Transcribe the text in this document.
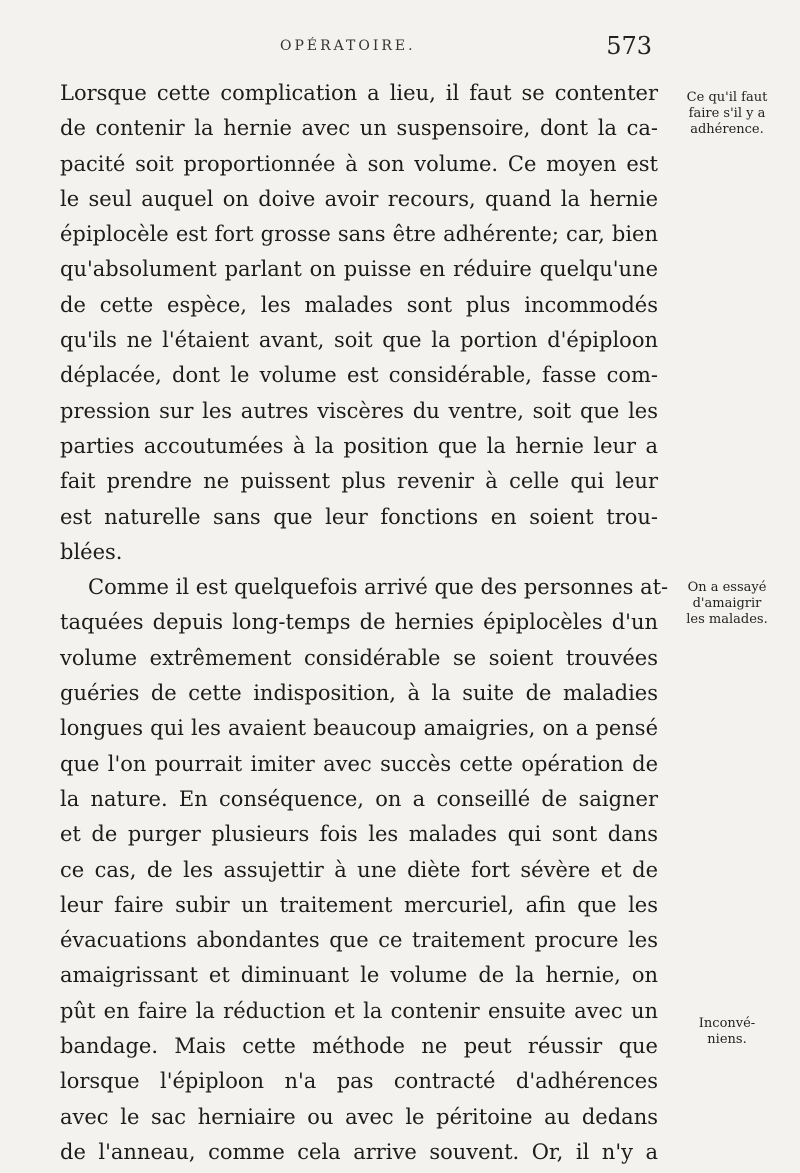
OPÉRATOIRE.	573
Lorsque cette complication a lieu, il faut se contenter
de contenir la hernie avec un suspensoire, dont la ca-
pacité soit proportionnée à son volume. Ce moyen est
le seul auquel on doive avoir recours, quand la hernie
épiplocèle est fort grosse sans être adhérente; car, bien
qu'absolument parlant on puisse en réduire quelqu'une
de cette espèce, les malades sont plus incommodés
qu'ils ne l'étaient avant, soit que la portion d'épiploon
déplacée, dont le volume est considérable, fasse com-
pression sur les autres viscères du ventre, soit que les
parties accoutumées à la position que la hernie leur a
fait prendre ne puissent plus revenir à celle qui leur
est naturelle sans que leur fonctions en soient trou-
blées.
Comme il est quelquefois arrivé que des personnes at-
taquées depuis long-temps de hernies épiplocèles d'un
volume extrêmement considérable se soient trouvées
guéries de cette indisposition, à la suite de maladies
longues qui les avaient beaucoup amaigries, on a pensé
que l'on pourrait imiter avec succès cette opération de
la nature. En conséquence, on a conseillé de saigner
et de purger plusieurs fois les malades qui sont dans
ce cas, de les assujettir à une diète fort sévère et de
leur faire subir un traitement mercuriel, afin que les
évacuations abondantes que ce traitement procure les
amaigrissant et diminuant le volume de la hernie, on
pût en faire la réduction et la contenir ensuite avec un
bandage. Mais cette méthode ne peut réussir que
lorsque l'épiploon n'a pas contracté d'adhérences
avec le sac herniaire ou avec le péritoine au dedans
de l'anneau, comme cela arrive souvent. Or, il n'y a
Ce qu'il faut
faire s'il y a
adhérence.
On a essayé
d'amaigrir
les malades.
Inconvé-
niens.
